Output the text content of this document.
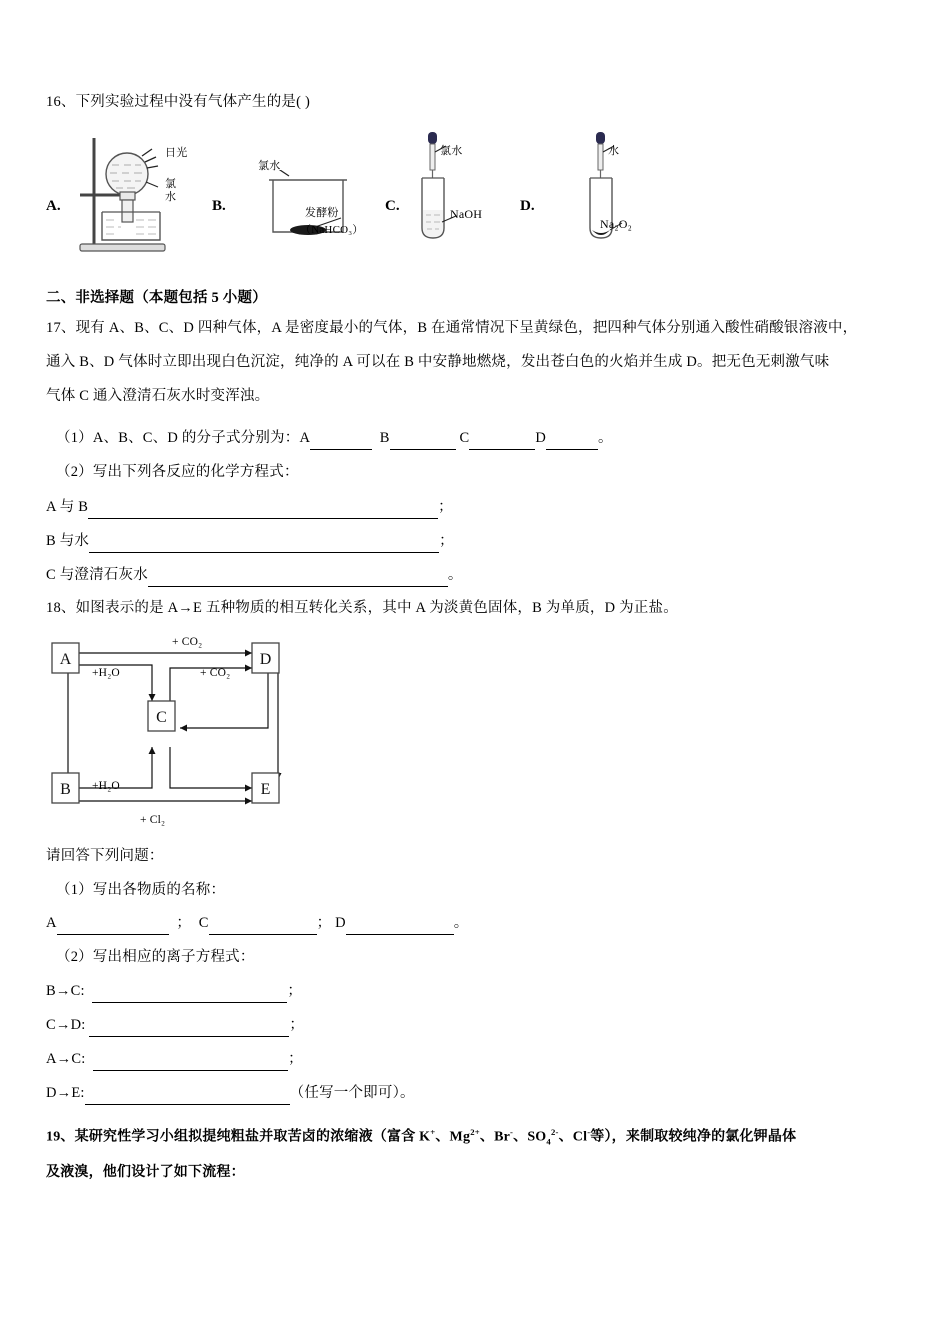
16、下列实验过程中没有气体产生的是( )
A.	B.	C.	D.
日光
氯水
氯水
发酵粉
（NaHCO₃）
氯水
NaOH
水
Na₂O₂
二、非选择题（本题包括 5 小题）
17、现有 A、B、C、D 四种气体，A 是密度最小的气体，B 在通常情况下呈黄绿色，把四种气体分别通入酸性硝酸银溶液中，
通入 B、D 气体时立即出现白色沉淀，纯净的 A 可以在 B 中安静地燃烧，发出苍白色的火焰并生成 D。把无色无刺激气味
气体 C 通入澄清石灰水时变浑浊。
（1）A、B、C、D 的分子式分别为：A	B	C	D	。
（2）写出下列各反应的化学方程式：
A 与 B	；
B 与水	；
C 与澄清石灰水	。
18、如图表示的是 A→E 五种物质的相互转化关系，其中 A 为淡黄色固体，B 为单质，D 为正盐。
A
B
C
D
E
+ CO₂
+H₂O	+ CO₂
+H₂O
+ Cl₂
请回答下列问题：
（1）写出各物质的名称：
A	； C	； D	。
（2）写出相应的离子方程式：
B→C:	；
C→D:	；
A→C:	；
D→E:	（任写一个即可）。
19、某研究性学习小组拟提纯粗盐并取苦卤的浓缩液（富含 K+、$Mg^{2+}$、Br-、$SO_4^{2-}$、Cl-等），来制取较纯净的氯化钾晶体
及液溴，他们设计了如下流程：
